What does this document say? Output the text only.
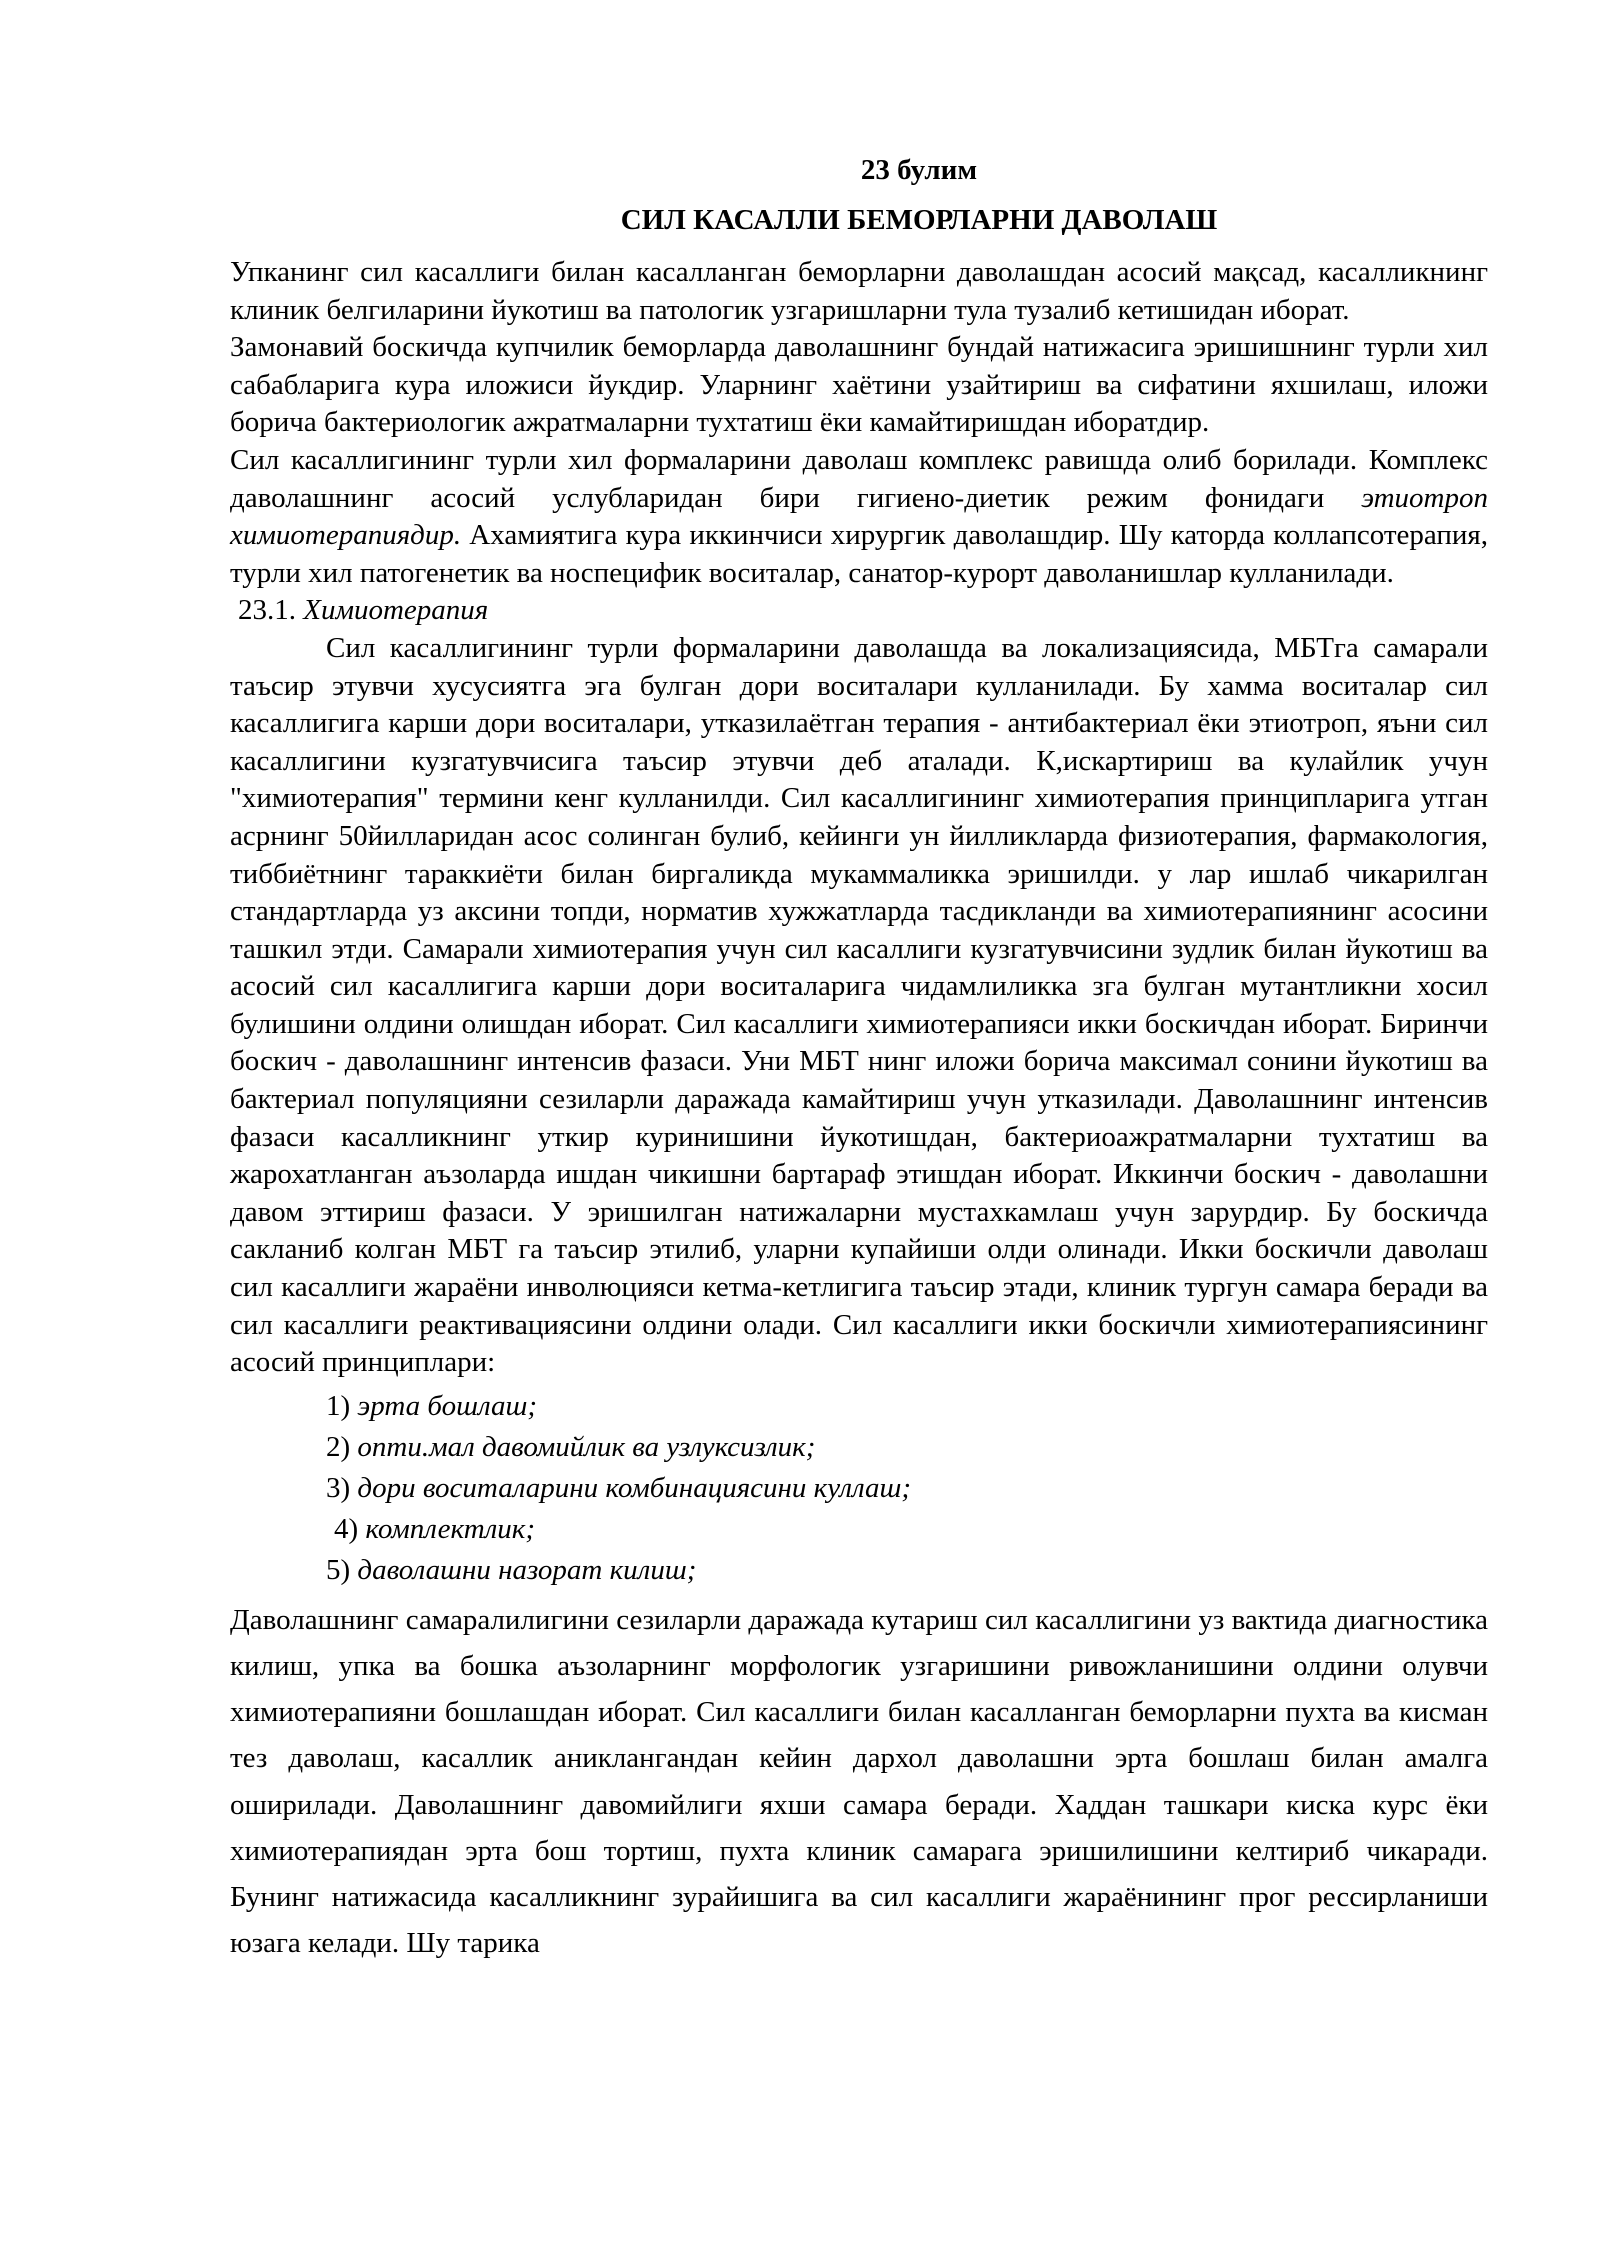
23 булим
СИЛ КАСАЛЛИ БЕМОРЛАРНИ ДАВОЛАШ

Упканинг сил касаллиги билан касалланган беморларни даволашдан асосий мақсад, касалликнинг клиник белгиларини йукотиш ва патологик узгаришларни тула тузалиб кетишидан иборат.

Замонавий боскичда купчилик беморларда даволашнинг бундай натижасига эришишнинг турли хил сабабларига кура иложиси йукдир. Уларнинг хаётини узайтириш ва сифатини яхшилаш, иложи борича бактериологик ажратмаларни тухтатиш ёки камайтиришдан иборатдир.

Сил касаллигининг турли хил формаларини даволаш комплекс равишда олиб борилади. Комплекс даволашнинг асосий услубларидан бири гигиено-диетик режим фонидаги этиотроп химиотерапиядир. Ахамиятига кура иккинчиси хирургик даволашдир. Шу каторда коллапсотерапия, турли хил патогенетик ва носпецифик воситалар, санатор-курорт даволанишлар кулланилади.

23.1. Химиотерапия

Сил касаллигининг турли формаларини даволашда ва локализациясида, МБТга самарали таъсир этувчи хусусиятга эга булган дори воситалари кулланилади. Бу хамма воситалар сил касаллигига карши дори воситалари, утказилаётган терапия - антибактериал ёки этиотроп, яъни сил касаллигини кузгатувчисига таъсир этувчи деб аталади. К,искартириш ва кулайлик учун "химиотерапия" термини кенг кулланилди. Сил касаллигининг химиотерапия принципларига утган асрнинг 50йилларидан асос солинган булиб, кейинги ун йилликларда физиотерапия, фармакология, тиббиётнинг тараккиёти билан биргаликда мукаммаликка эришилди. у лар ишлаб чикарилган стандартларда уз аксини топди, норматив хужжатларда тасдикланди ва химиотерапиянинг асосини ташкил этди. Самарали химиотерапия учун сил касаллиги кузгатувчисини зудлик билан йукотиш ва асосий сил касаллигига карши дори воситаларига чидамлиликка зга булган мутантликни хосил булишини олдини олишдан иборат. Сил касаллиги химиотерапияси икки боскичдан иборат. Биринчи боскич - даволашнинг интенсив фазаси. Уни МБТ нинг иложи борича максимал сонини йукотиш ва бактериал популяцияни сезиларли даражада камайтириш учун утказилади. Даволашнинг интенсив фазаси касалликнинг уткир куринишини йукотишдан, бактериоажратмаларни тухтатиш ва жарохатланган аъзоларда ишдан чикишни бартараф этишдан иборат. Иккинчи боскич - даволашни давом эттириш фазаси. У эришилган натижаларни мустахкамлаш учун зарурдир. Бу боскичда сакланиб колган МБТ га таъсир этилиб, уларни купайиши олди олинади. Икки боскичли даволаш сил касаллиги жараёни инволюцияси кетма-кетлигига таъсир этади, клиник тургун самара беради ва сил касаллиги реактивациясини олдини олади. Сил касаллиги икки боскичли химиотерапиясининг асосий принциплари:

1) эрта бошлаш;
2) опти.мал давомийлик ва узлуксизлик;
3) дори воситаларини комбинациясини куллаш;
4) комплектлик;
5) даволашни назорат килиш;

Даволашнинг самаралилигини сезиларли даражада кутариш сил касаллигини уз вактида диагностика килиш, упка ва бошка аъзоларнинг морфологик узгаришини ривожланишини олдини олувчи химиотерапияни бошлашдан иборат. Сил касаллиги билан касалланган беморларни пухта ва кисман тез даволаш, касаллик аниклангандан кейин дархол даволашни эрта бошлаш билан амалга оширилади. Даволашнинг давомийлиги яхши самара беради. Хаддан ташкари киска курс ёки химиотерапиядан эрта бош тортиш, пухта клиник самарага эришилишини келтириб чикаради. Бунинг натижасида касалликнинг зурайишига ва сил касаллиги жараёнининг прог рессирланиши юзага келади. Шу тарика
